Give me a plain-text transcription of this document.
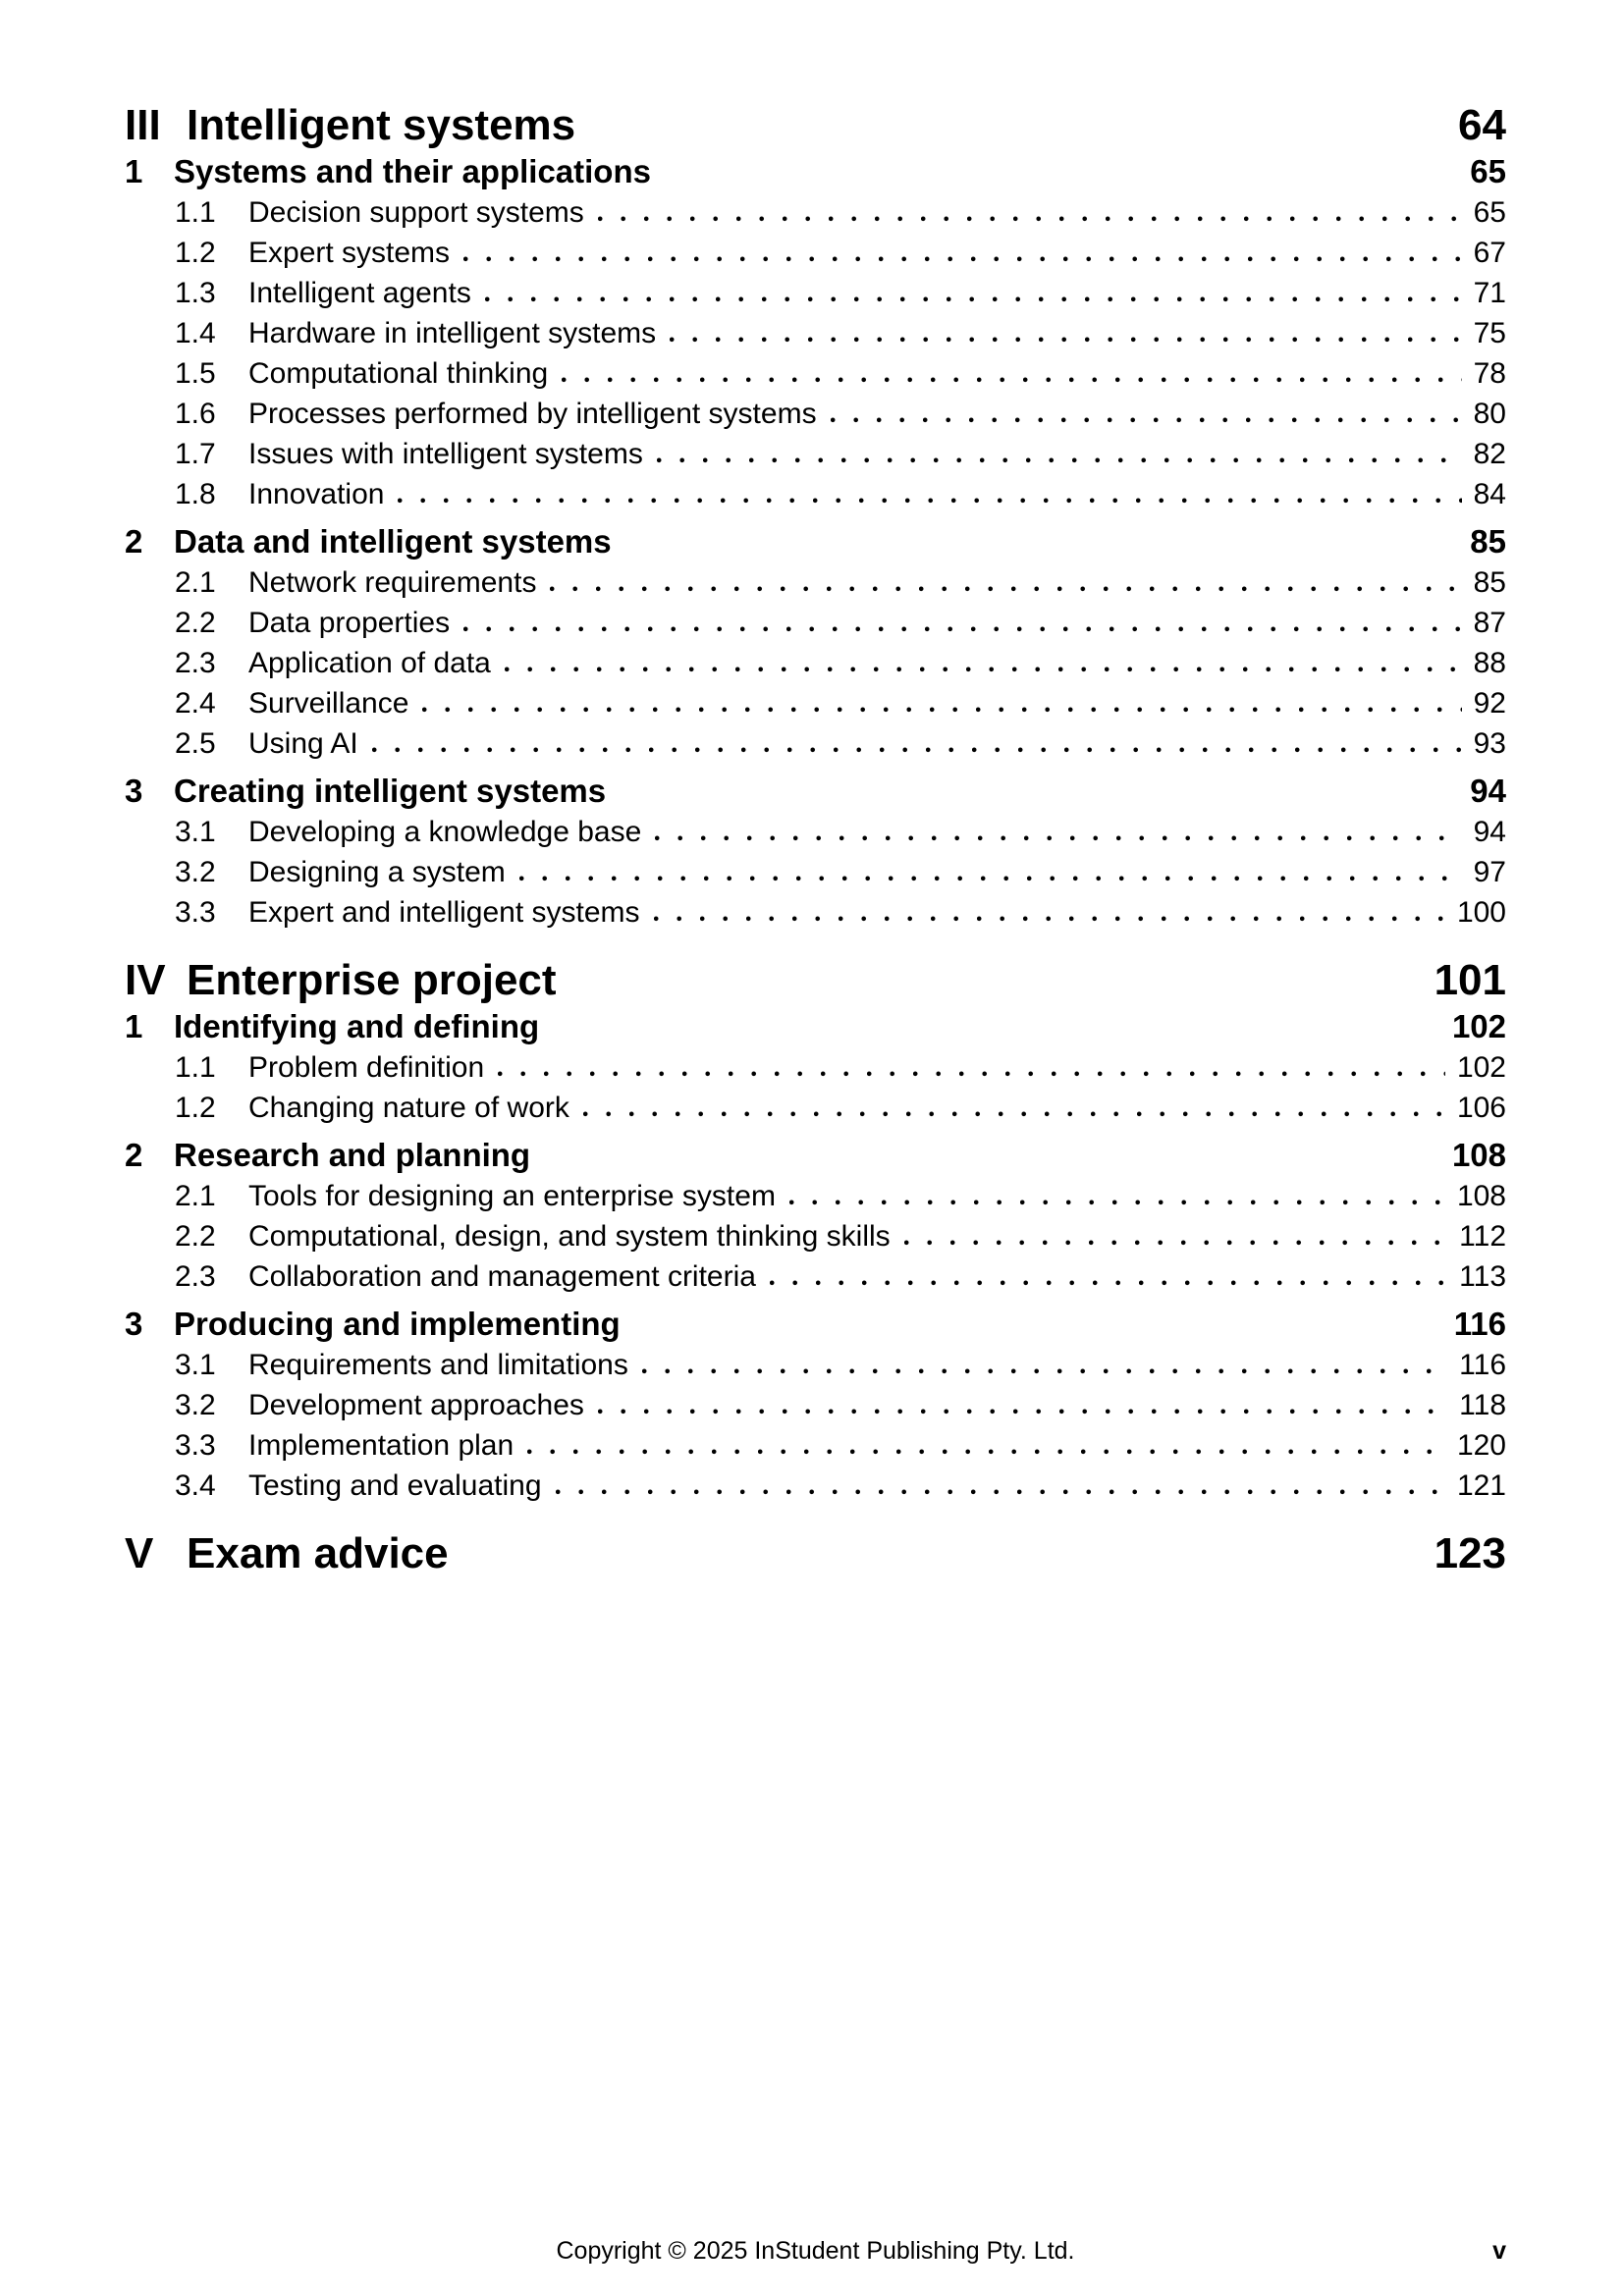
III Intelligent systems	64
1 Systems and their applications	65
1.1	Decision support systems	65
1.2	Expert systems	67
1.3	Intelligent agents	71
1.4	Hardware in intelligent systems	75
1.5	Computational thinking	78
1.6	Processes performed by intelligent systems	80
1.7	Issues with intelligent systems	82
1.8	Innovation	84
2 Data and intelligent systems	85
2.1	Network requirements	85
2.2	Data properties	87
2.3	Application of data	88
2.4	Surveillance	92
2.5	Using AI	93
3 Creating intelligent systems	94
3.1	Developing a knowledge base	94
3.2	Designing a system	97
3.3	Expert and intelligent systems	100
IV Enterprise project	101
1 Identifying and defining	102
1.1	Problem definition	102
1.2	Changing nature of work	106
2 Research and planning	108
2.1	Tools for designing an enterprise system	108
2.2	Computational, design, and system thinking skills	112
2.3	Collaboration and management criteria	113
3 Producing and implementing	116
3.1	Requirements and limitations	116
3.2	Development approaches	118
3.3	Implementation plan	120
3.4	Testing and evaluating	121
V Exam advice	123
Copyright © 2025 InStudent Publishing Pty. Ltd.	v
